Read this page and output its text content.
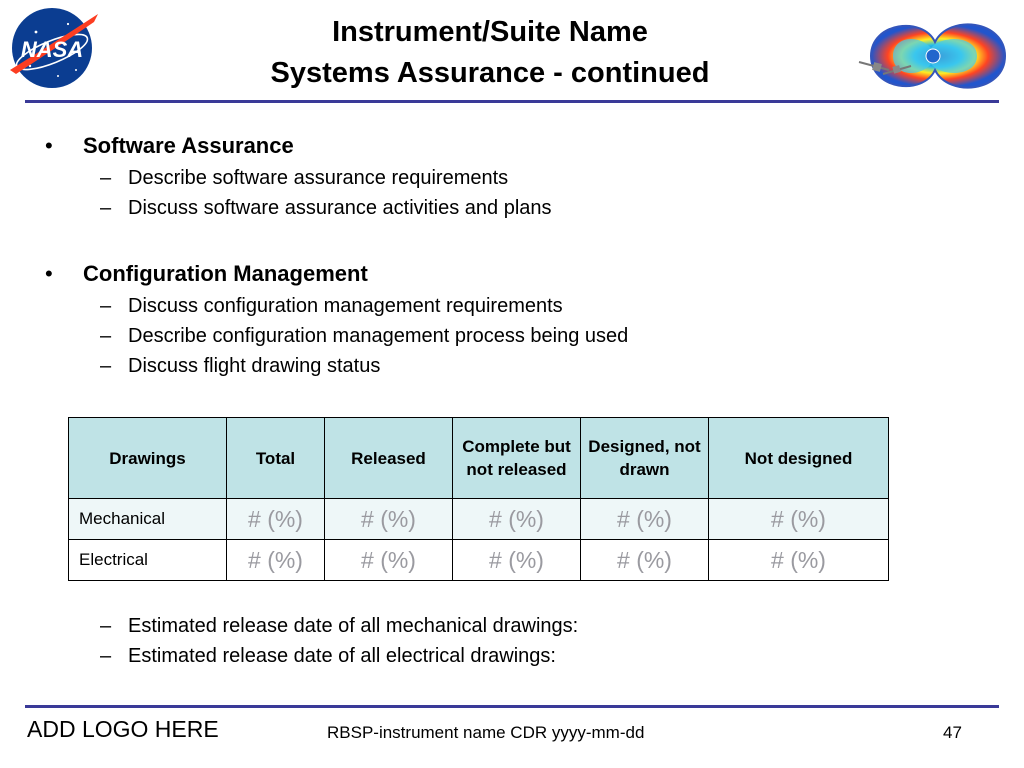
NASA
Instrument/Suite Name
Systems Assurance - continued
• Software Assurance
– Describe software assurance requirements
– Discuss software assurance activities and plans
• Configuration Management
– Discuss configuration management requirements
– Describe configuration management process being used
– Discuss flight drawing status
Drawings	Total	Released	Complete but not released	Designed, not drawn	Not designed
Mechanical	# (%)	# (%)	# (%)	# (%)	# (%)
Electrical	# (%)	# (%)	# (%)	# (%)	# (%)
– Estimated release date of all mechanical drawings:
– Estimated release date of all electrical drawings:
ADD LOGO HERE	RBSP-instrument name CDR yyyy-mm-dd	47
